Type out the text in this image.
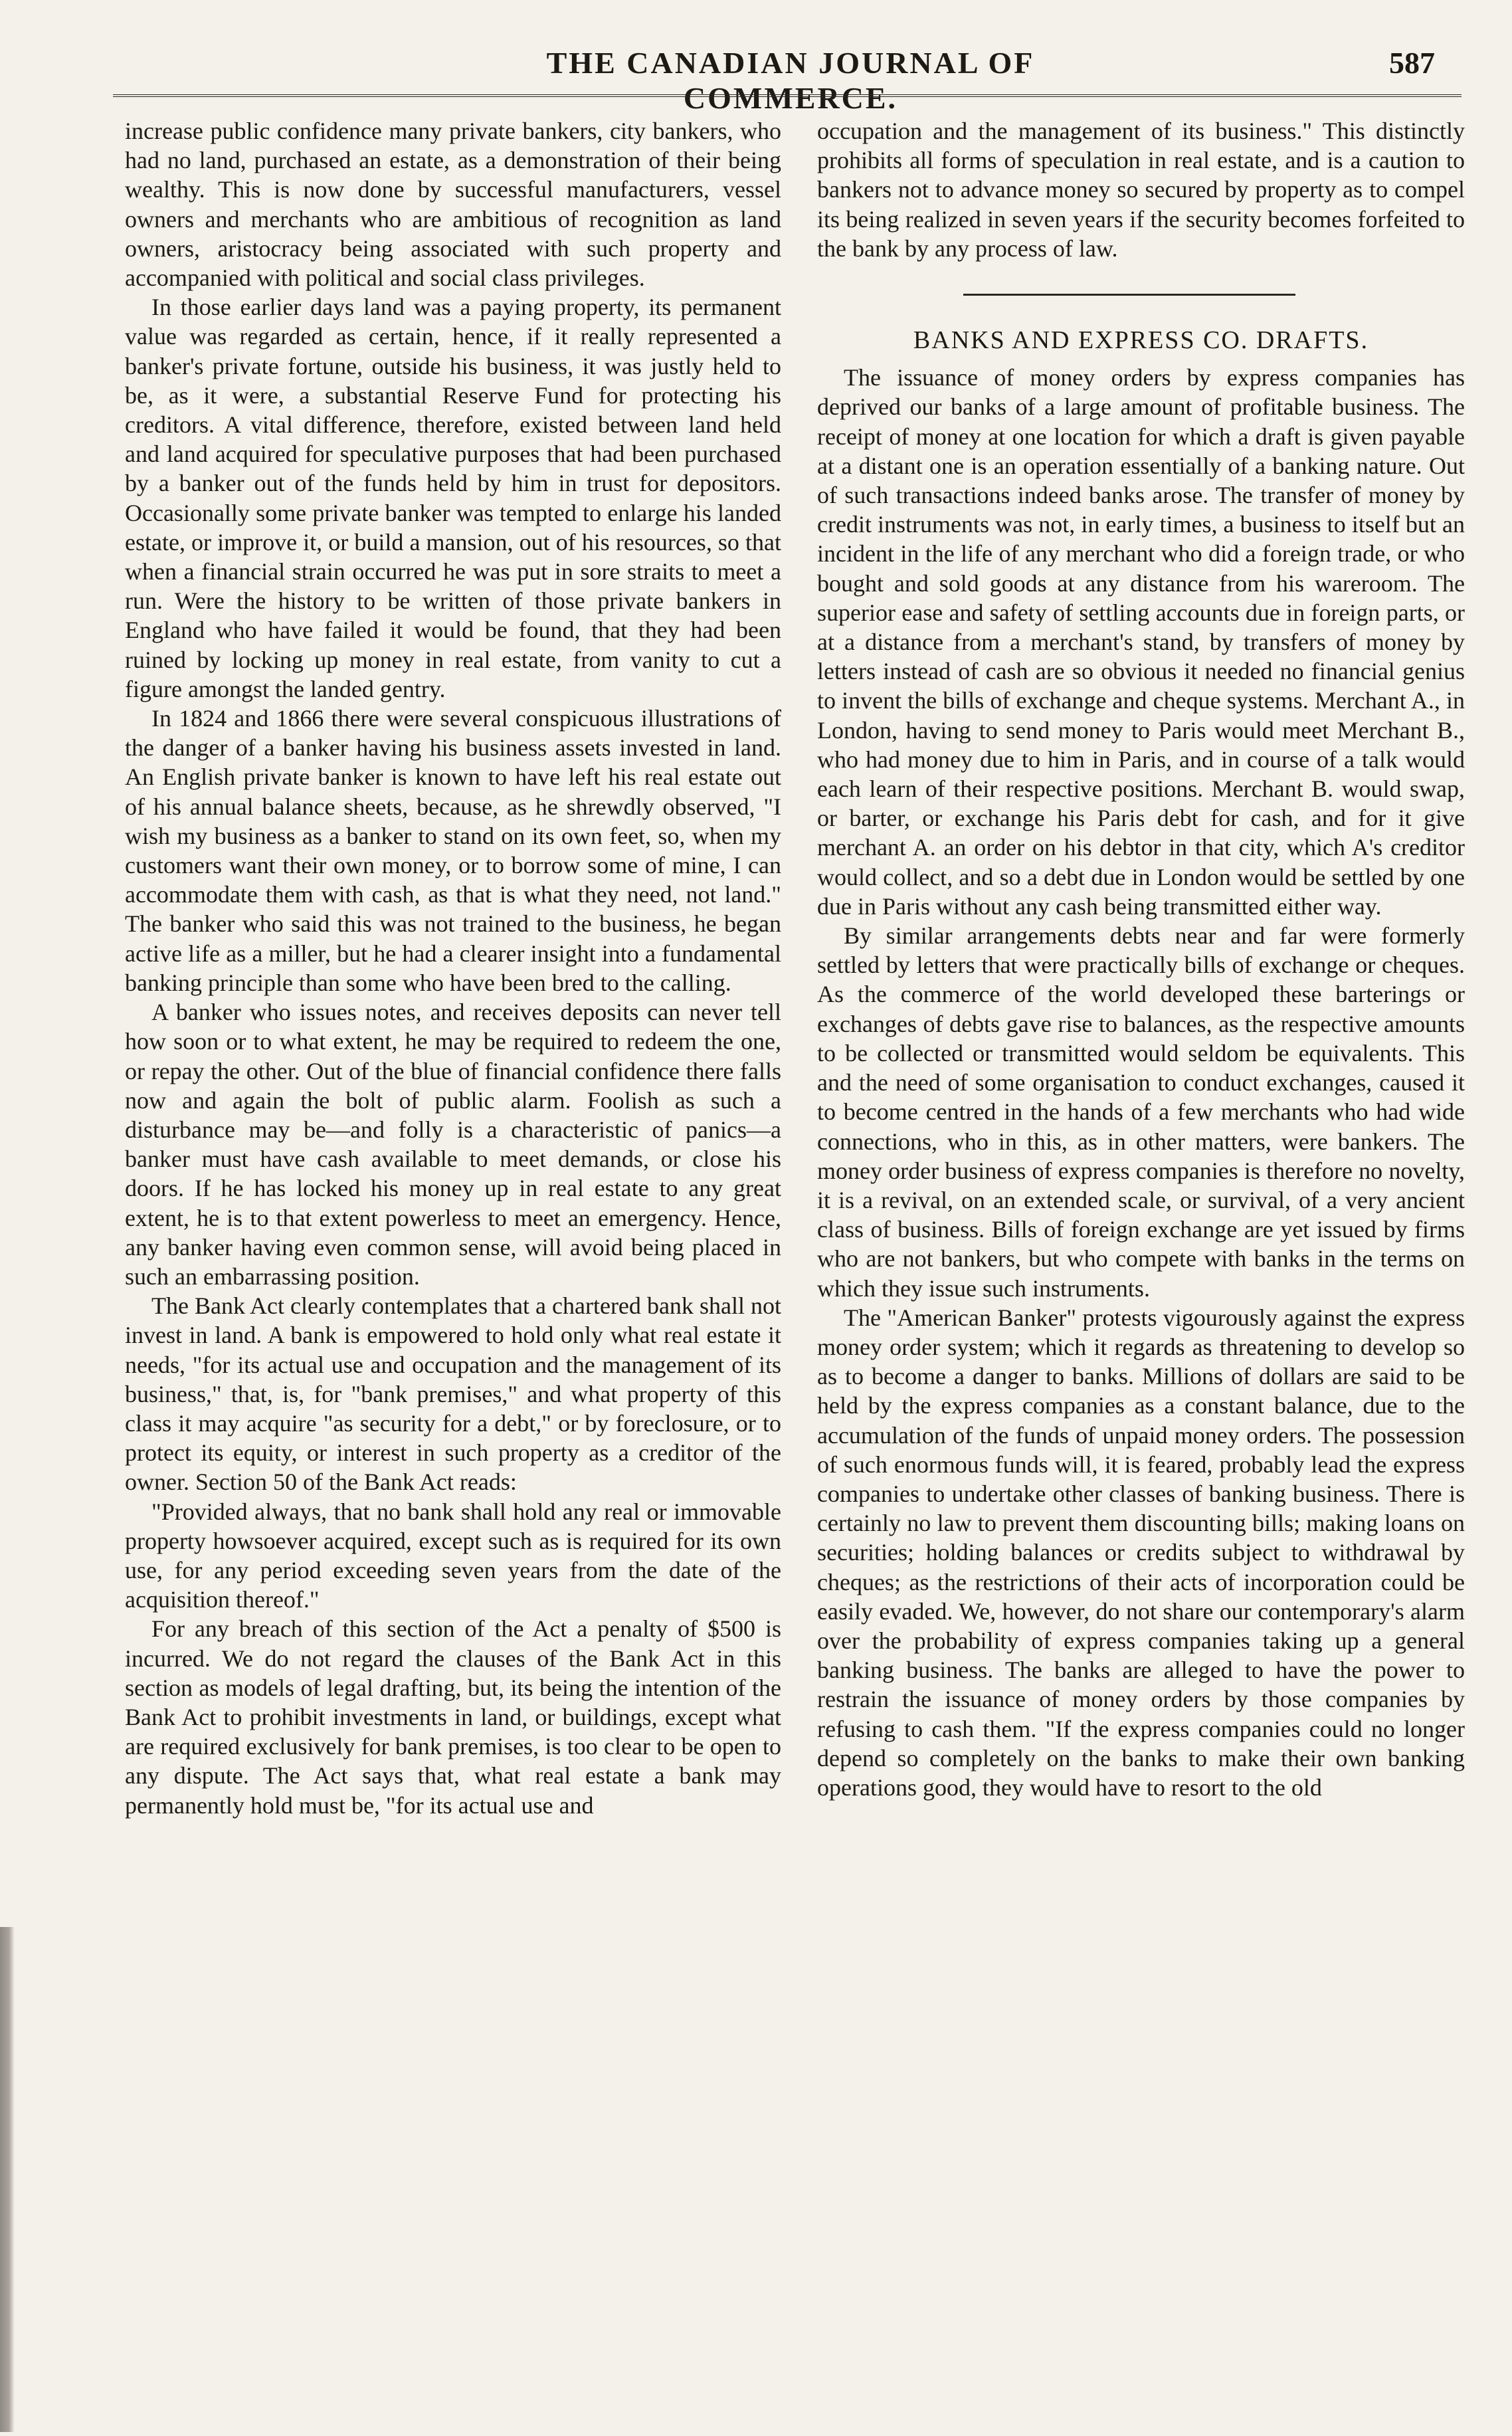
THE CANADIAN JOURNAL OF COMMERCE.
587

increase public confidence many private bankers, city bankers, who had no land, purchased an estate, as a demonstration of their being wealthy. This is now done by successful manufacturers, vessel owners and merchants who are ambitious of recognition as land owners, aristocracy being associated with such property and accompanied with political and social class privileges.

In those earlier days land was a paying property, its permanent value was regarded as certain, hence, if it really represented a banker's private fortune, outside his business, it was justly held to be, as it were, a substantial Reserve Fund for protecting his creditors. A vital difference, therefore, existed between land held and land acquired for speculative purposes that had been purchased by a banker out of the funds held by him in trust for depositors. Occasionally some private banker was tempted to enlarge his landed estate, or improve it, or build a mansion, out of his resources, so that when a financial strain occurred he was put in sore straits to meet a run. Were the history to be written of those private bankers in England who have failed it would be found, that they had been ruined by locking up money in real estate, from vanity to cut a figure amongst the landed gentry.

In 1824 and 1866 there were several conspicuous illustrations of the danger of a banker having his business assets invested in land. An English private banker is known to have left his real estate out of his annual balance sheets, because, as he shrewdly observed, "I wish my business as a banker to stand on its own feet, so, when my customers want their own money, or to borrow some of mine, I can accommodate them with cash, as that is what they need, not land." The banker who said this was not trained to the business, he began active life as a miller, but he had a clearer insight into a fundamental banking principle than some who have been bred to the calling.

A banker who issues notes, and receives deposits can never tell how soon or to what extent, he may be required to redeem the one, or repay the other. Out of the blue of financial confidence there falls now and again the bolt of public alarm. Foolish as such a disturbance may be—and folly is a characteristic of panics—a banker must have cash available to meet demands, or close his doors. If he has locked his money up in real estate to any great extent, he is to that extent powerless to meet an emergency. Hence, any banker having even common sense, will avoid being placed in such an embarrassing position.

The Bank Act clearly contemplates that a chartered bank shall not invest in land. A bank is empowered to hold only what real estate it needs, "for its actual use and occupation and the management of its business," that, is, for "bank premises," and what property of this class it may acquire "as security for a debt," or by foreclosure, or to protect its equity, or interest in such property as a creditor of the owner. Section 50 of the Bank Act reads:

"Provided always, that no bank shall hold any real or immovable property howsoever acquired, except such as is required for its own use, for any period exceeding seven years from the date of the acquisition thereof."

For any breach of this section of the Act a penalty of $500 is incurred. We do not regard the clauses of the Bank Act in this section as models of legal drafting, but, its being the intention of the Bank Act to prohibit investments in land, or buildings, except what are required exclusively for bank premises, is too clear to be open to any dispute. The Act says that, what real estate a bank may permanently hold must be, "for its actual use and

occupation and the management of its business." This distinctly prohibits all forms of speculation in real estate, and is a caution to bankers not to advance money so secured by property as to compel its being realized in seven years if the security becomes forfeited to the bank by any process of law.

BANKS AND EXPRESS CO. DRAFTS.

The issuance of money orders by express companies has deprived our banks of a large amount of profitable business. The receipt of money at one location for which a draft is given payable at a distant one is an operation essentially of a banking nature. Out of such transactions indeed banks arose. The transfer of money by credit instruments was not, in early times, a business to itself but an incident in the life of any merchant who did a foreign trade, or who bought and sold goods at any distance from his wareroom. The superior ease and safety of settling accounts due in foreign parts, or at a distance from a merchant's stand, by transfers of money by letters instead of cash are so obvious it needed no financial genius to invent the bills of exchange and cheque systems. Merchant A., in London, having to send money to Paris would meet Merchant B., who had money due to him in Paris, and in course of a talk would each learn of their respective positions. Merchant B. would swap, or barter, or exchange his Paris debt for cash, and for it give merchant A. an order on his debtor in that city, which A's creditor would collect, and so a debt due in London would be settled by one due in Paris without any cash being transmitted either way.

By similar arrangements debts near and far were formerly settled by letters that were practically bills of exchange or cheques. As the commerce of the world developed these barterings or exchanges of debts gave rise to balances, as the respective amounts to be collected or transmitted would seldom be equivalents. This and the need of some organisation to conduct exchanges, caused it to become centred in the hands of a few merchants who had wide connections, who in this, as in other matters, were bankers. The money order business of express companies is therefore no novelty, it is a revival, on an extended scale, or survival, of a very ancient class of business. Bills of foreign exchange are yet issued by firms who are not bankers, but who compete with banks in the terms on which they issue such instruments.

The "American Banker" protests vigourously against the express money order system; which it regards as threatening to develop so as to become a danger to banks. Millions of dollars are said to be held by the express companies as a constant balance, due to the accumulation of the funds of unpaid money orders. The possession of such enormous funds will, it is feared, probably lead the express companies to undertake other classes of banking business. There is certainly no law to prevent them discounting bills; making loans on securities; holding balances or credits subject to withdrawal by cheques; as the restrictions of their acts of incorporation could be easily evaded. We, however, do not share our contemporary's alarm over the probability of express companies taking up a general banking business. The banks are alleged to have the power to restrain the issuance of money orders by those companies by refusing to cash them. "If the express companies could no longer depend so completely on the banks to make their own banking operations good, they would have to resort to the old
